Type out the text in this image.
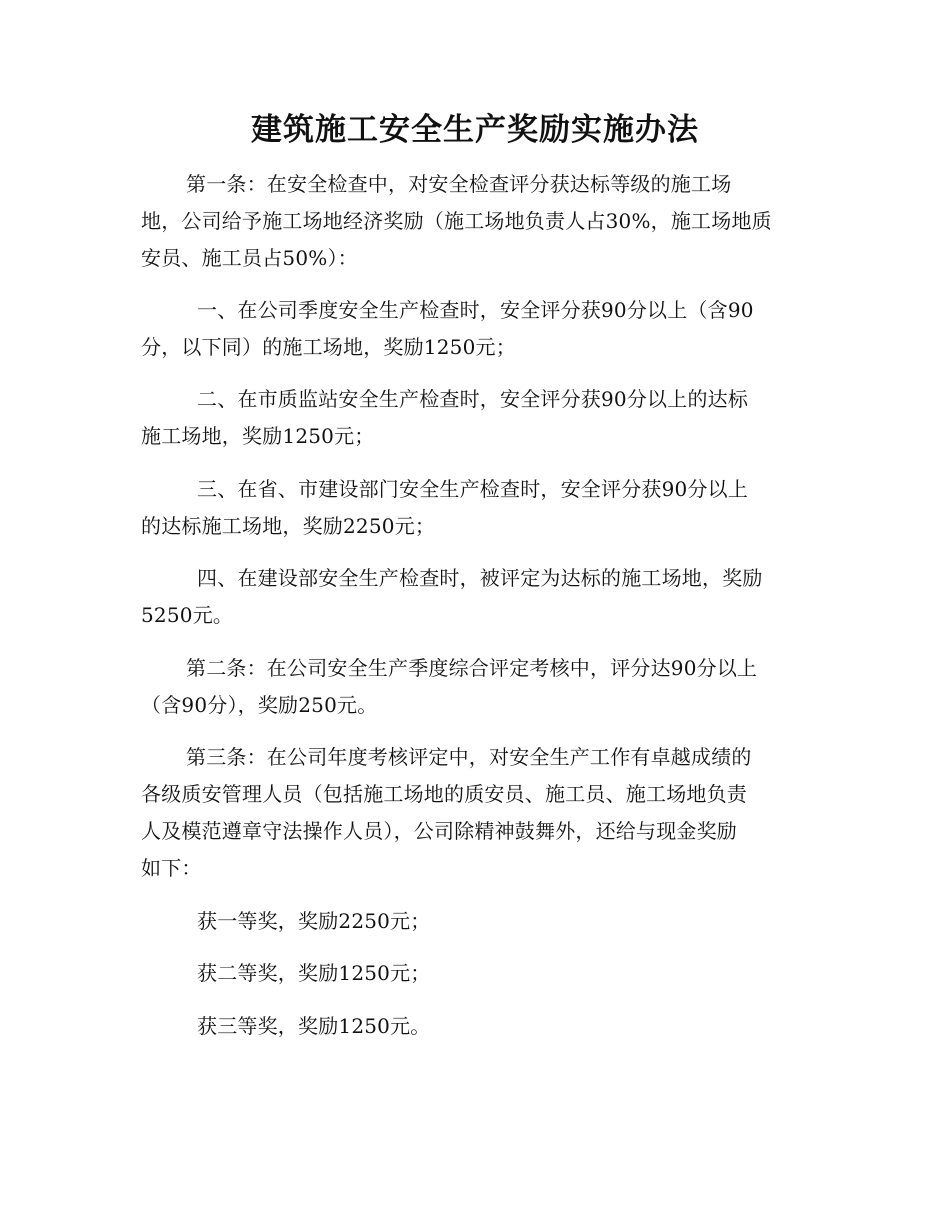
建筑施工安全生产奖励实施办法
第一条：在安全检查中，对安全检查评分获达标等级的施工场
地，公司给予施工场地经济奖励（施工场地负责人占30%，施工场地质
安员、施工员占50%）：
一、在公司季度安全生产检查时，安全评分获90分以上（含90
分，以下同）的施工场地，奖励1250元；
二、在市质监站安全生产检查时，安全评分获90分以上的达标
施工场地，奖励1250元；
三、在省、市建设部门安全生产检查时，安全评分获90分以上
的达标施工场地，奖励2250元；
四、在建设部安全生产检查时，被评定为达标的施工场地，奖励
5250元。
第二条：在公司安全生产季度综合评定考核中，评分达90分以上
（含90分），奖励250元。
第三条：在公司年度考核评定中，对安全生产工作有卓越成绩的
各级质安管理人员（包括施工场地的质安员、施工员、施工场地负责
人及模范遵章守法操作人员），公司除精神鼓舞外，还给与现金奖励
如下：
获一等奖，奖励2250元；
获二等奖，奖励1250元；
获三等奖，奖励1250元。
